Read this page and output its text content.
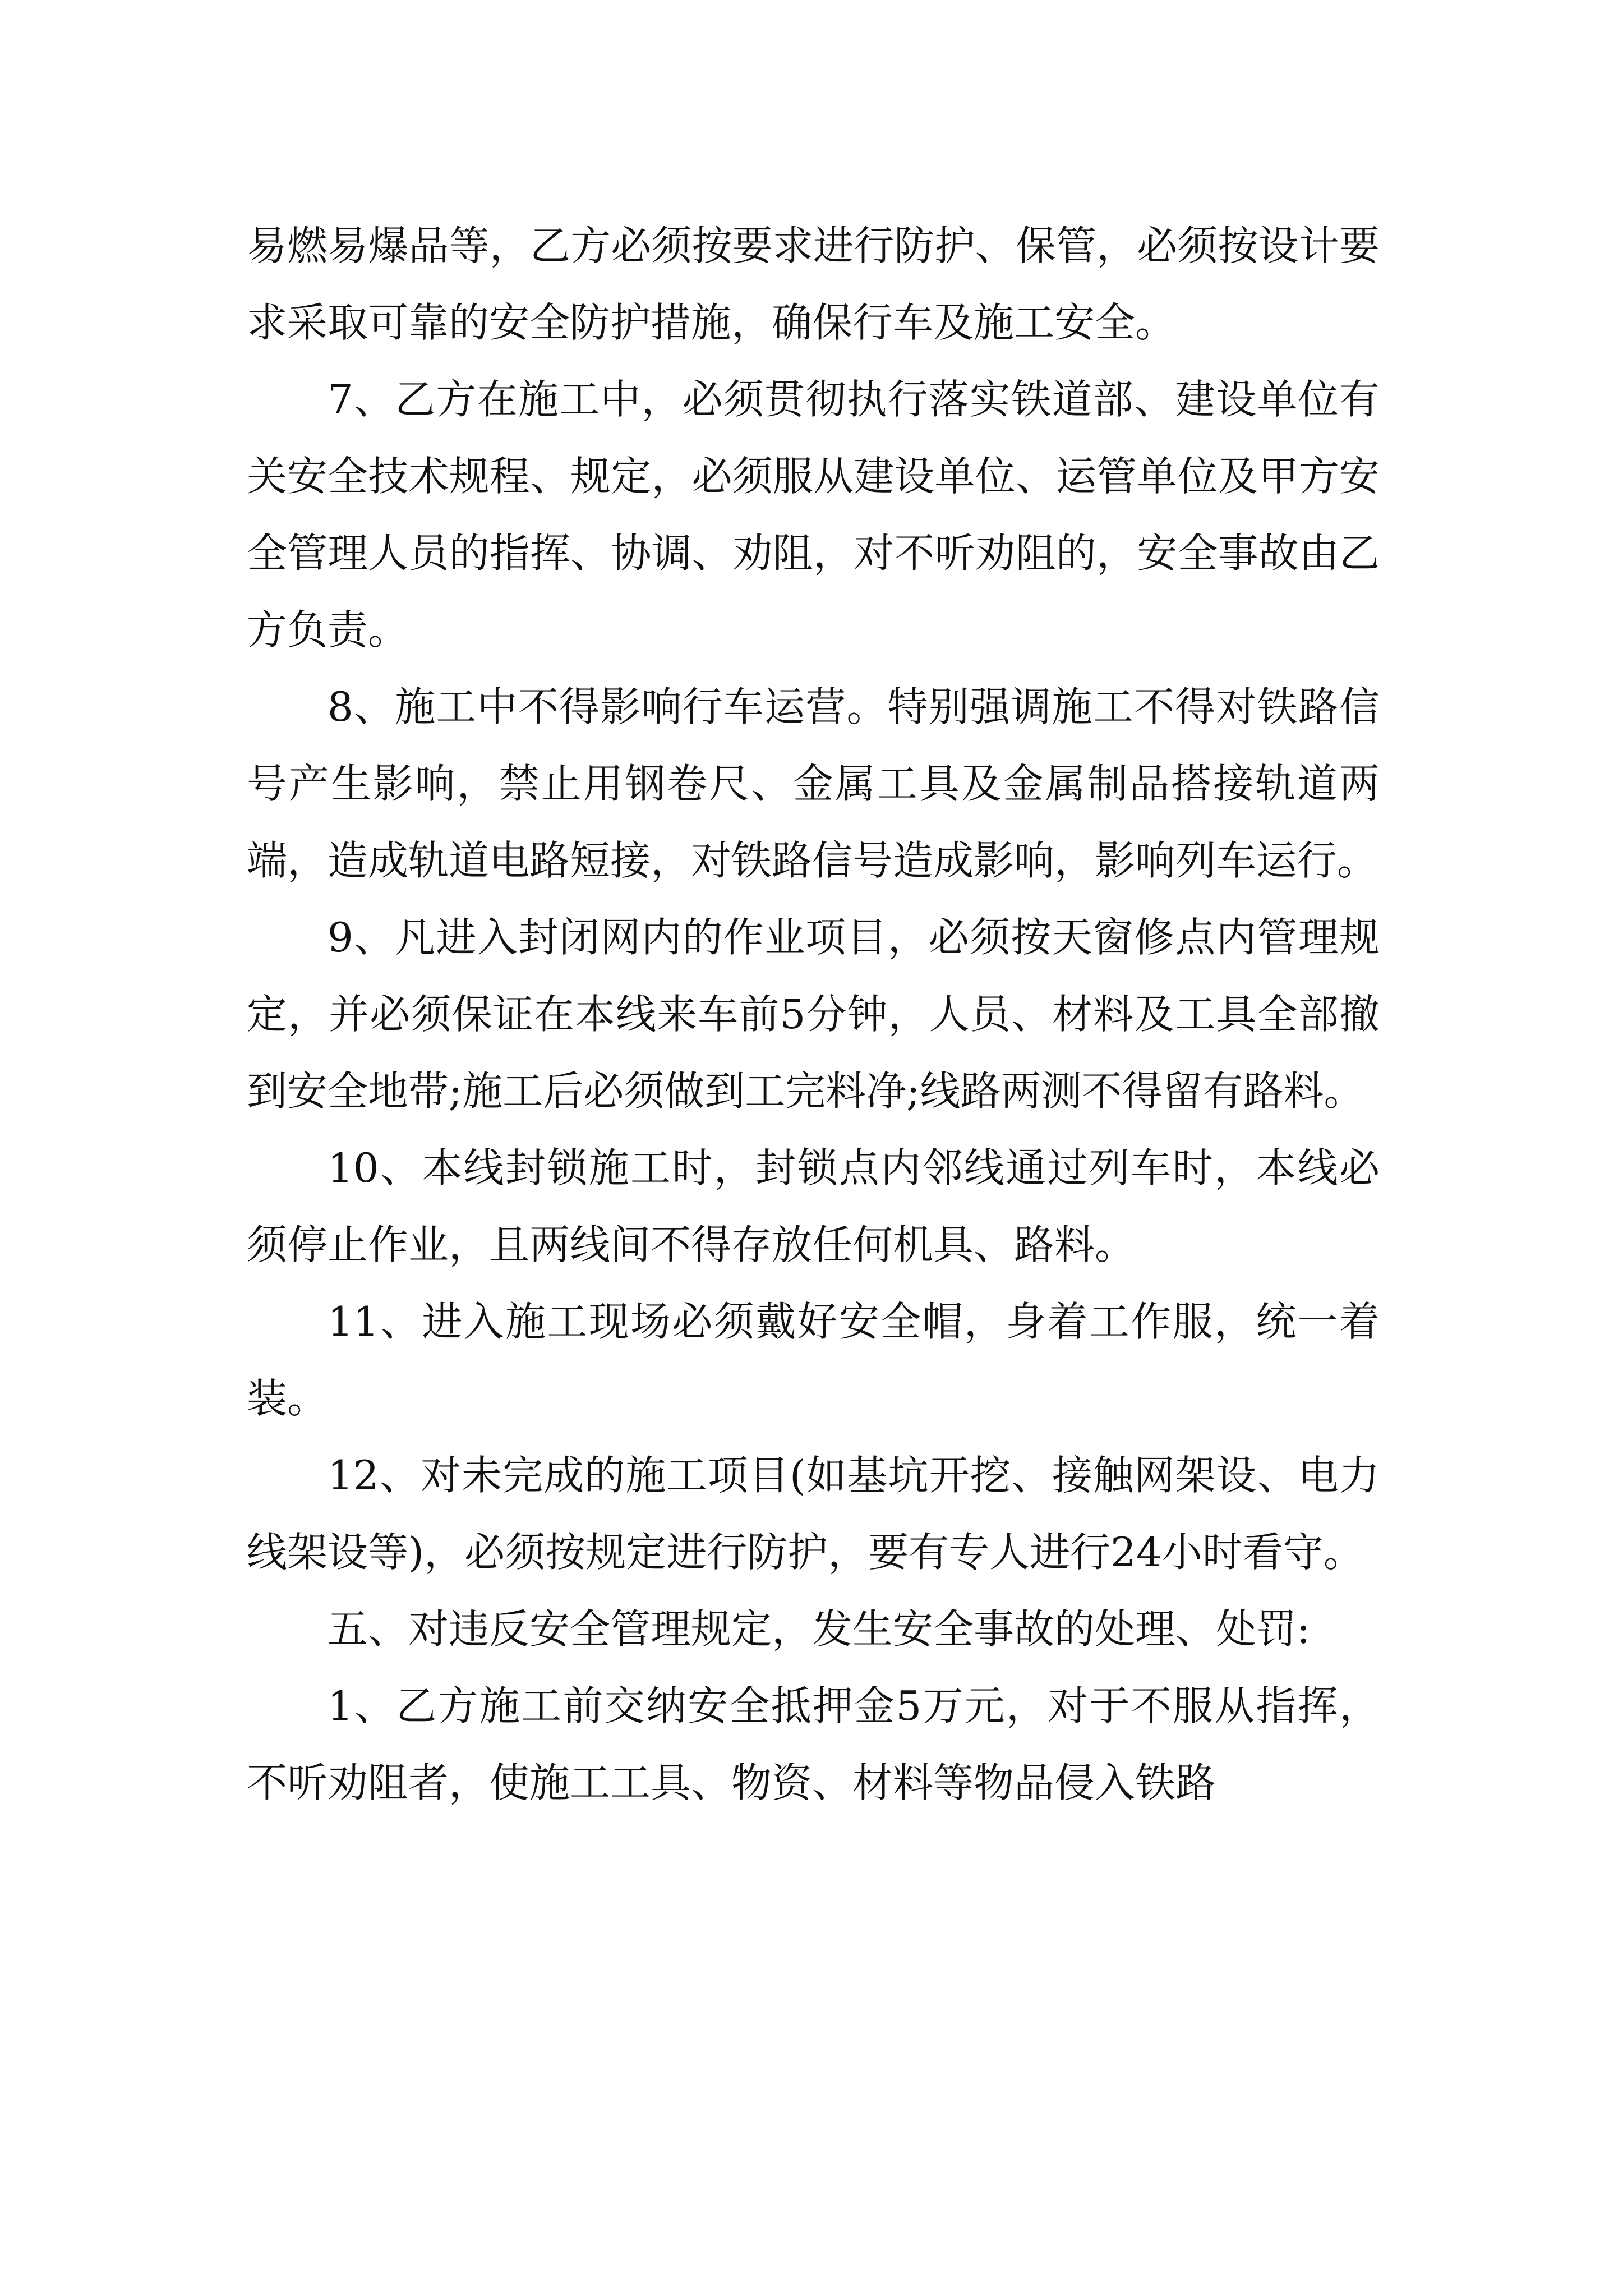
易燃易爆品等，乙方必须按要求进行防护、保管，必须按设计要求采取可靠的安全防护措施，确保行车及施工安全。

7、乙方在施工中，必须贯彻执行落实铁道部、建设单位有关安全技术规程、规定，必须服从建设单位、运管单位及甲方安全管理人员的指挥、协调、劝阻，对不听劝阻的，安全事故由乙方负责。

8、施工中不得影响行车运营。特别强调施工不得对铁路信号产生影响，禁止用钢卷尺、金属工具及金属制品搭接轨道两端，造成轨道电路短接，对铁路信号造成影响，影响列车运行。

9、凡进入封闭网内的作业项目，必须按天窗修点内管理规定，并必须保证在本线来车前5分钟，人员、材料及工具全部撤到安全地带;施工后必须做到工完料净;线路两测不得留有路料。

10、本线封锁施工时，封锁点内邻线通过列车时，本线必须停止作业，且两线间不得存放任何机具、路料。

11、进入施工现场必须戴好安全帽，身着工作服，统一着装。

12、对未完成的施工项目(如基坑开挖、接触网架设、电力线架设等)，必须按规定进行防护，要有专人进行24小时看守。

五、对违反安全管理规定，发生安全事故的处理、处罚:

1、乙方施工前交纳安全抵押金5万元，对于不服从指挥，不听劝阻者，使施工工具、物资、材料等物品侵入铁路
